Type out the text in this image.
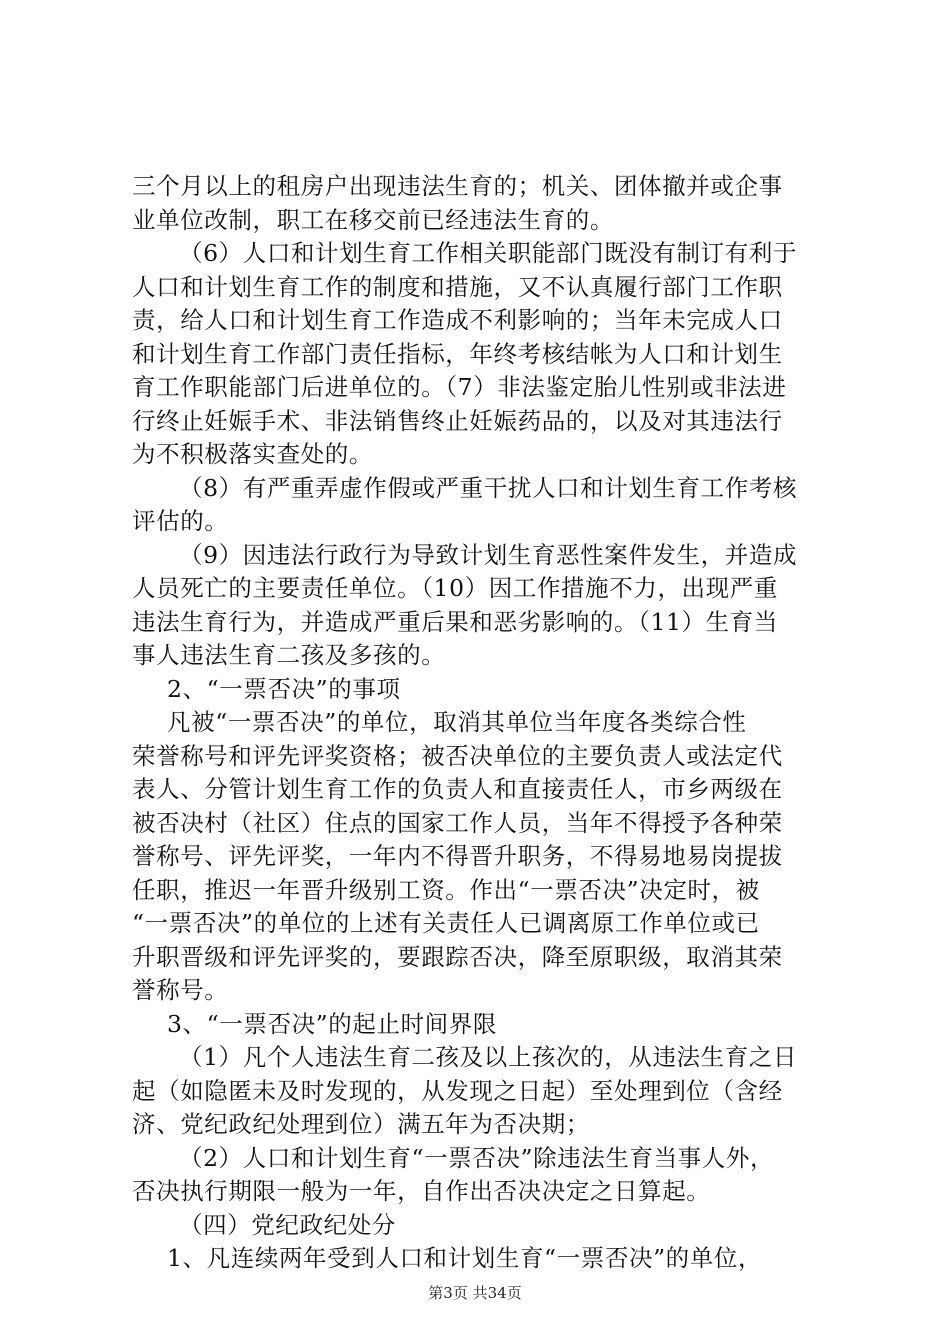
三个月以上的租房户出现违法生育的；机关、团体撤并或企事
业单位改制，职工在移交前已经违法生育的。
（6）人口和计划生育工作相关职能部门既没有制订有利于
人口和计划生育工作的制度和措施，又不认真履行部门工作职
责，给人口和计划生育工作造成不利影响的；当年未完成人口
和计划生育工作部门责任指标，年终考核结帐为人口和计划生
育工作职能部门后进单位的。（7）非法鉴定胎儿性别或非法进
行终止妊娠手术、非法销售终止妊娠药品的，以及对其违法行
为不积极落实查处的。
（8）有严重弄虚作假或严重干扰人口和计划生育工作考核
评估的。
（9）因违法行政行为导致计划生育恶性案件发生，并造成
人员死亡的主要责任单位。（10）因工作措施不力，出现严重
违法生育行为，并造成严重后果和恶劣影响的。（11）生育当
事人违法生育二孩及多孩的。
2、“一票否决”的事项
凡被“一票否决”的单位，取消其单位当年度各类综合性
荣誉称号和评先评奖资格；被否决单位的主要负责人或法定代
表人、分管计划生育工作的负责人和直接责任人，市乡两级在
被否决村（社区）住点的国家工作人员，当年不得授予各种荣
誉称号、评先评奖，一年内不得晋升职务，不得易地易岗提拔
任职，推迟一年晋升级别工资。作出“一票否决”决定时，被
“一票否决”的单位的上述有关责任人已调离原工作单位或已
升职晋级和评先评奖的，要跟踪否决，降至原职级，取消其荣
誉称号。
3、“一票否决”的起止时间界限
（1）凡个人违法生育二孩及以上孩次的，从违法生育之日
起（如隐匿未及时发现的，从发现之日起）至处理到位（含经
济、党纪政纪处理到位）满五年为否决期；
（2）人口和计划生育“一票否决”除违法生育当事人外，
否决执行期限一般为一年，自作出否决决定之日算起。
（四）党纪政纪处分
1、凡连续两年受到人口和计划生育“一票否决”的单位，
第3页 共34页
